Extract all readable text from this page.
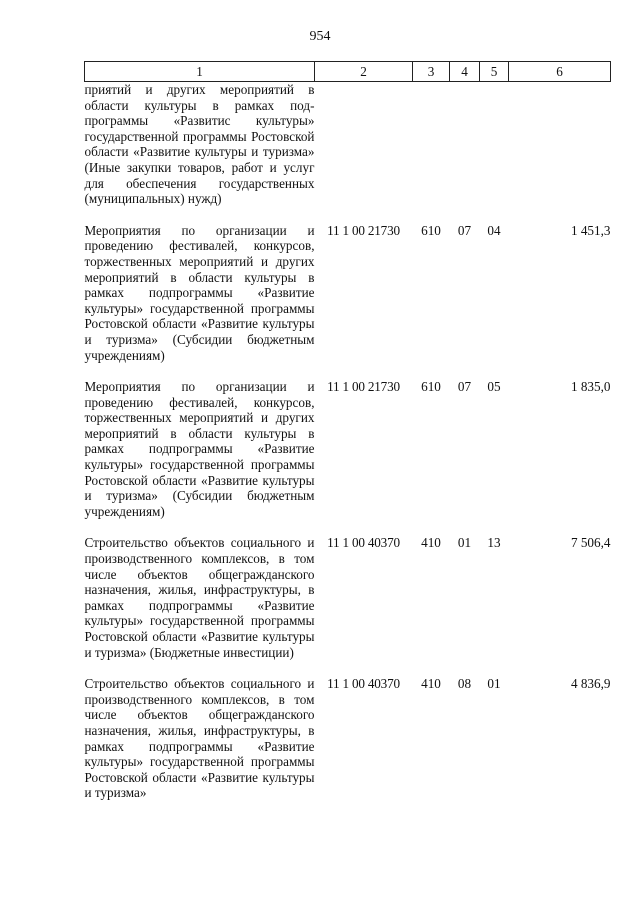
954
1	2	3	4	5	6
приятий и других мероприятий в области культуры в рамках подпрограммы «Развитис культуры» государственной программы Ростовской области «Развитие культуры и туризма» (Иные закупки товаров, работ и услуг для обеспечения государственных (муниципальных) нужд)					
Мероприятия по организации и проведению фестивалей, конкурсов, торжественных мероприятий и других мероприятий в области культуры в рамках подпрограммы «Развитие культуры» государственной программы Ростовской области «Развитие культуры и туризма» (Субсидии бюджетным учреждениям)	11 1 00 21730	610	07	04	1 451,3
Мероприятия по организации и проведению фестивалей, конкурсов, торжественных мероприятий и других мероприятий в области культуры в рамках подпрограммы «Развитие культуры» государственной программы Ростовской области «Развитие культуры и туризма» (Субсидии бюджетным учреждениям)	11 1 00 21730	610	07	05	1 835,0
Строительство объектов социального и производственного комплексов, в том числе объектов общегражданского назначения, жилья, инфраструктуры, в рамках подпрограммы «Развитие культуры» государственной программы Ростовской области «Развитие культуры и туризма» (Бюджетные инвестиции)	11 1 00 40370	410	01	13	7 506,4
Строительство объектов социального и производственного комплексов, в том числе объектов общегражданского назначения, жилья, инфраструктуры, в рамках подпрограммы «Развитие культуры» государственной программы Ростовской области «Развитие культуры и туризма»	11 1 00 40370	410	08	01	4 836,9
